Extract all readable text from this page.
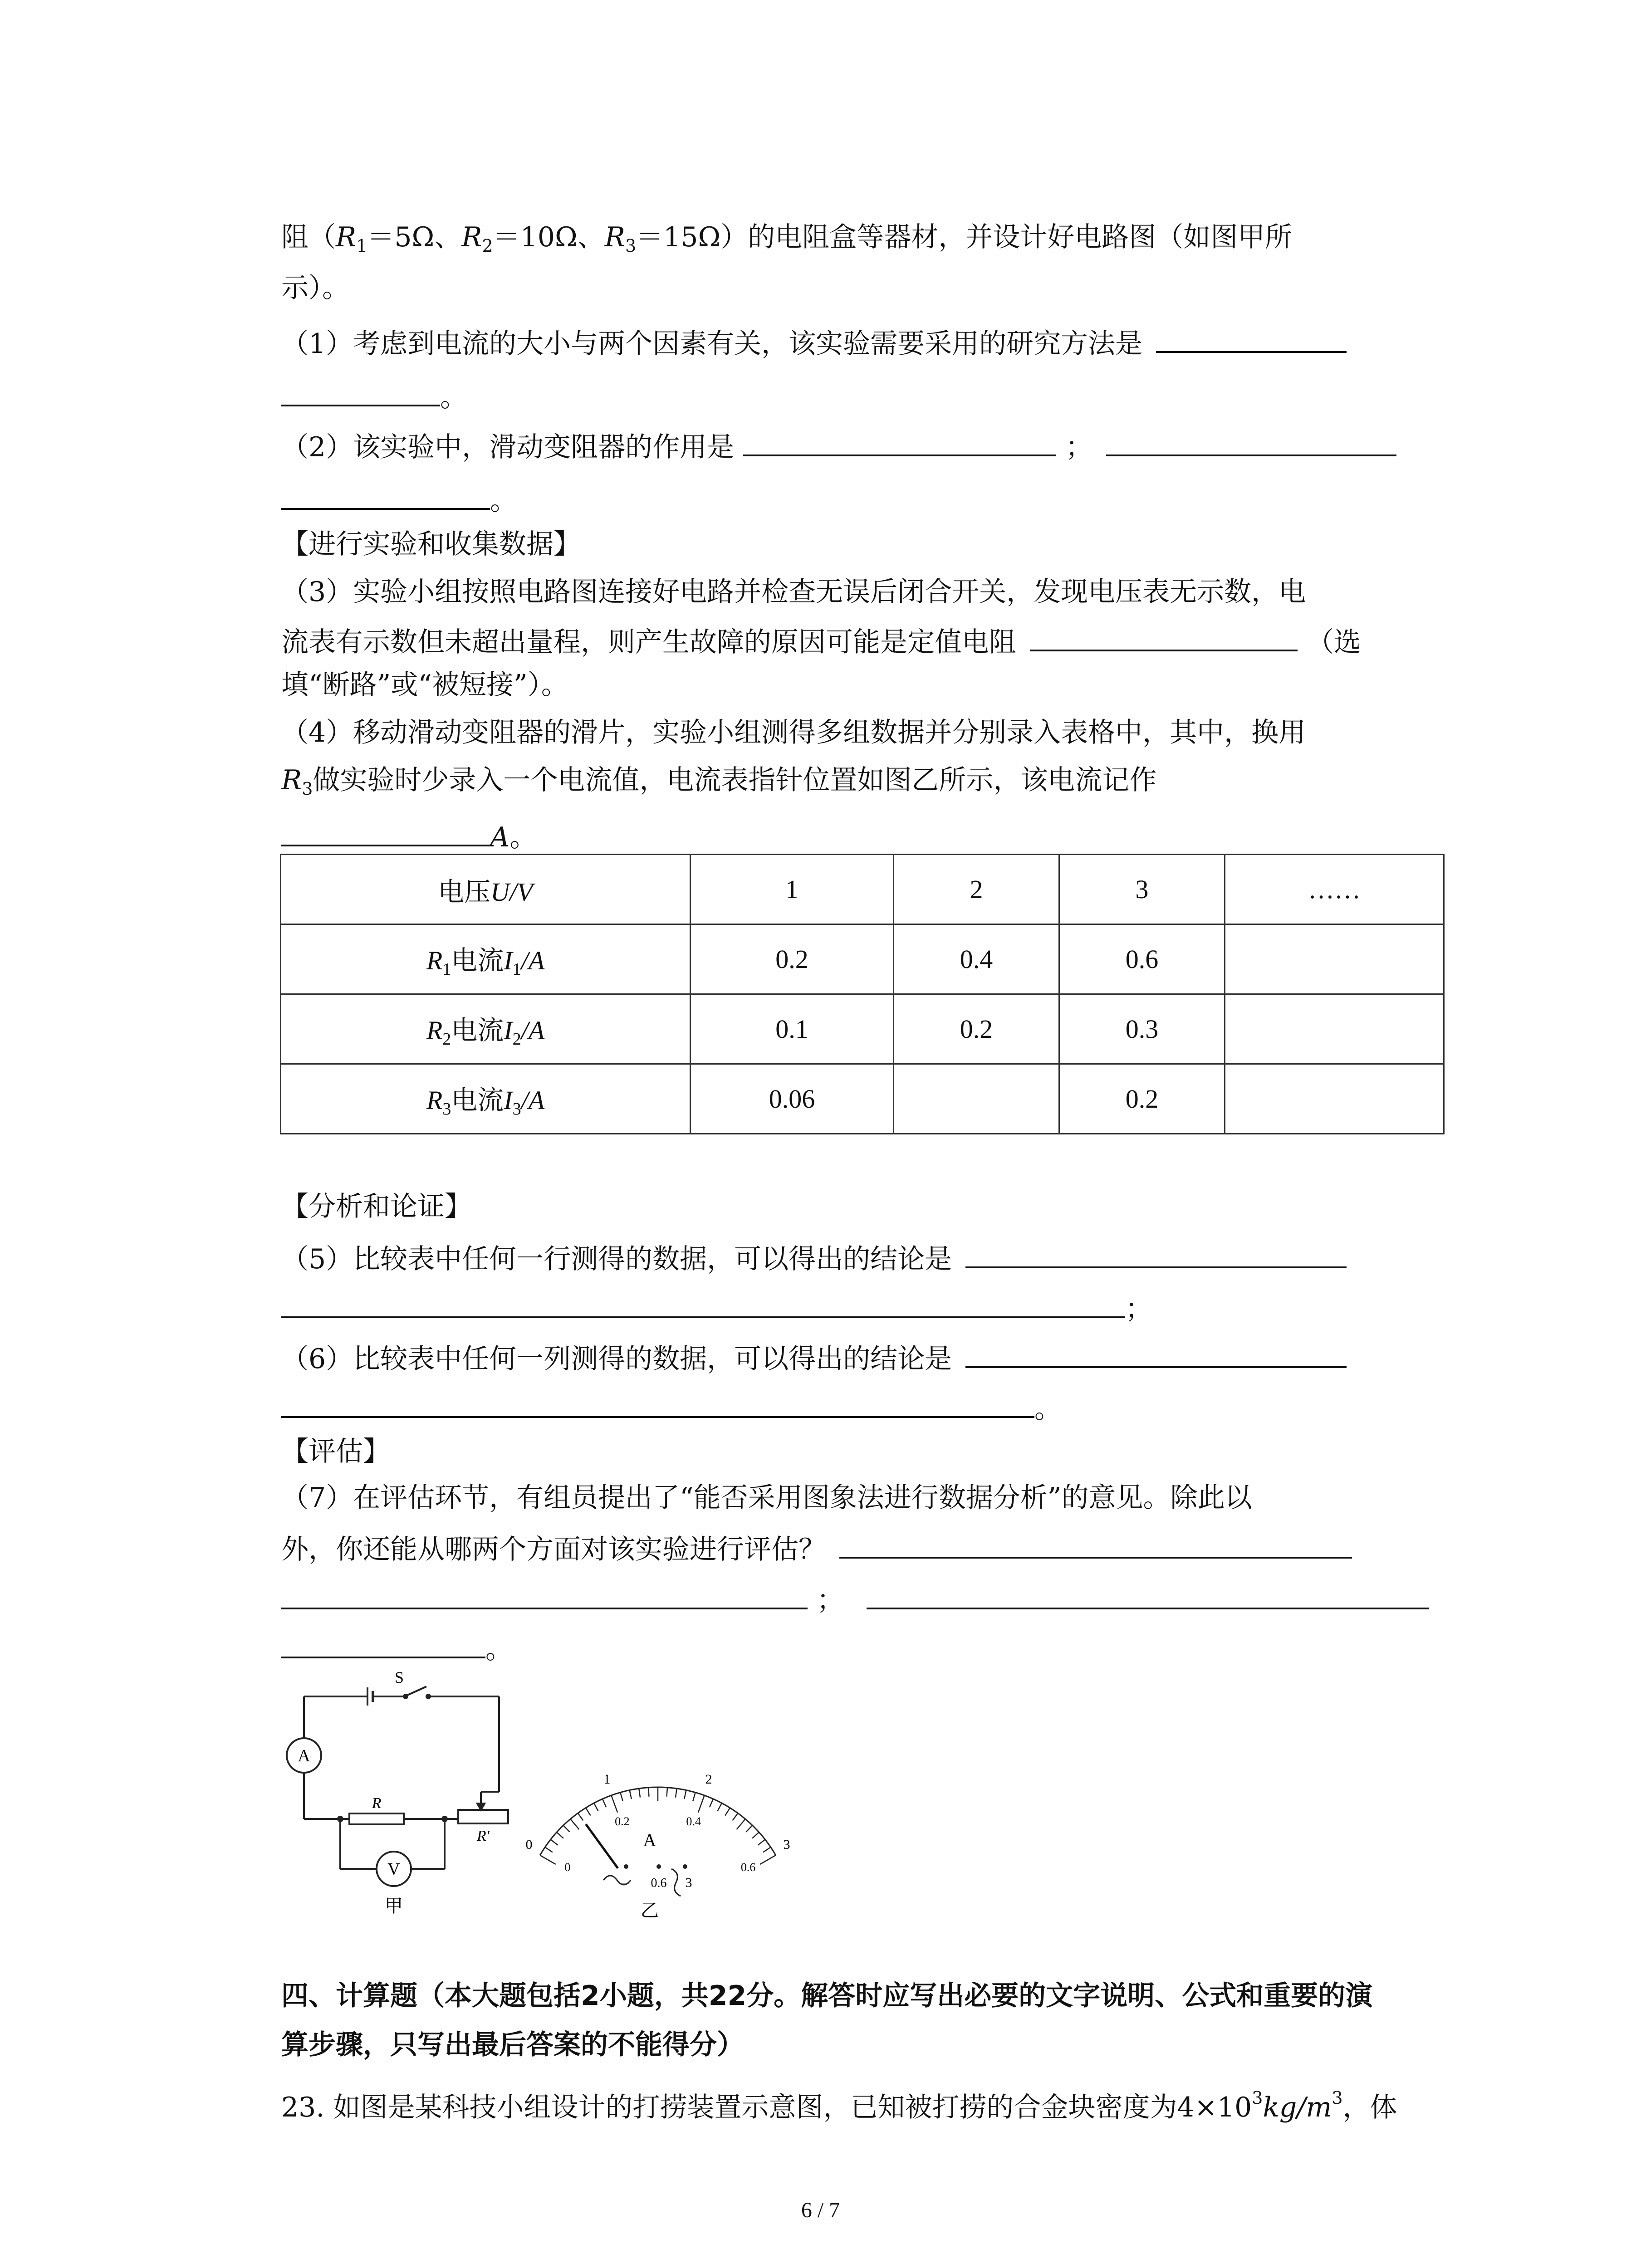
阻（$R_1=5\Omega$、$R_2=10\Omega$、$R_3=15\Omega$）的电阻盒等器材，并设计好电路图（如图甲所
示）。
（1）考虑到电流的大小与两个因素有关，该实验需要采用的研究方法是
。
（2）该实验中，滑动变阻器的作用是	；
。
【进行实验和收集数据】
（3）实验小组按照电路图连接好电路并检查无误后闭合开关，发现电压表无示数，电
流表有示数但未超出量程，则产生故障的原因可能是定值电阻	（选
填“断路”或“被短接”）。
（4）移动滑动变阻器的滑片，实验小组测得多组数据并分别录入表格中，其中，换用
$R_3$做实验时少录入一个电流值，电流表指针位置如图乙所示，该电流记作
A。
电压U/V	1	2	3	……
$R_1$电流$I_1/A$	0.2	0.4	0.6	
$R_2$电流$I_2/A$	0.1	0.2	0.3	
$R_3$电流$I_3/A$	0.06		0.2	
【分析和论证】
（5）比较表中任何一行测得的数据，可以得出的结论是
；
（6）比较表中任何一列测得的数据，可以得出的结论是
。
【评估】
（7）在评估环节，有组员提出了“能否采用图象法进行数据分析”的意见。除此以
外，你还能从哪两个方面对该实验进行评估？
；
。
S
A
R
R′
V
甲
0
1	2
3
0
0.2	0.4
0.6
A
– 0.6 3
乙
四、计算题（本大题包括2小题，共22分。解答时应写出必要的文字说明、公式和重要的演
算步骤，只写出最后答案的不能得分）
23. 如图是某科技小组设计的打捞装置示意图，已知被打捞的合金块密度为$4\times 10^3kg/m^3$，体
6 / 7
